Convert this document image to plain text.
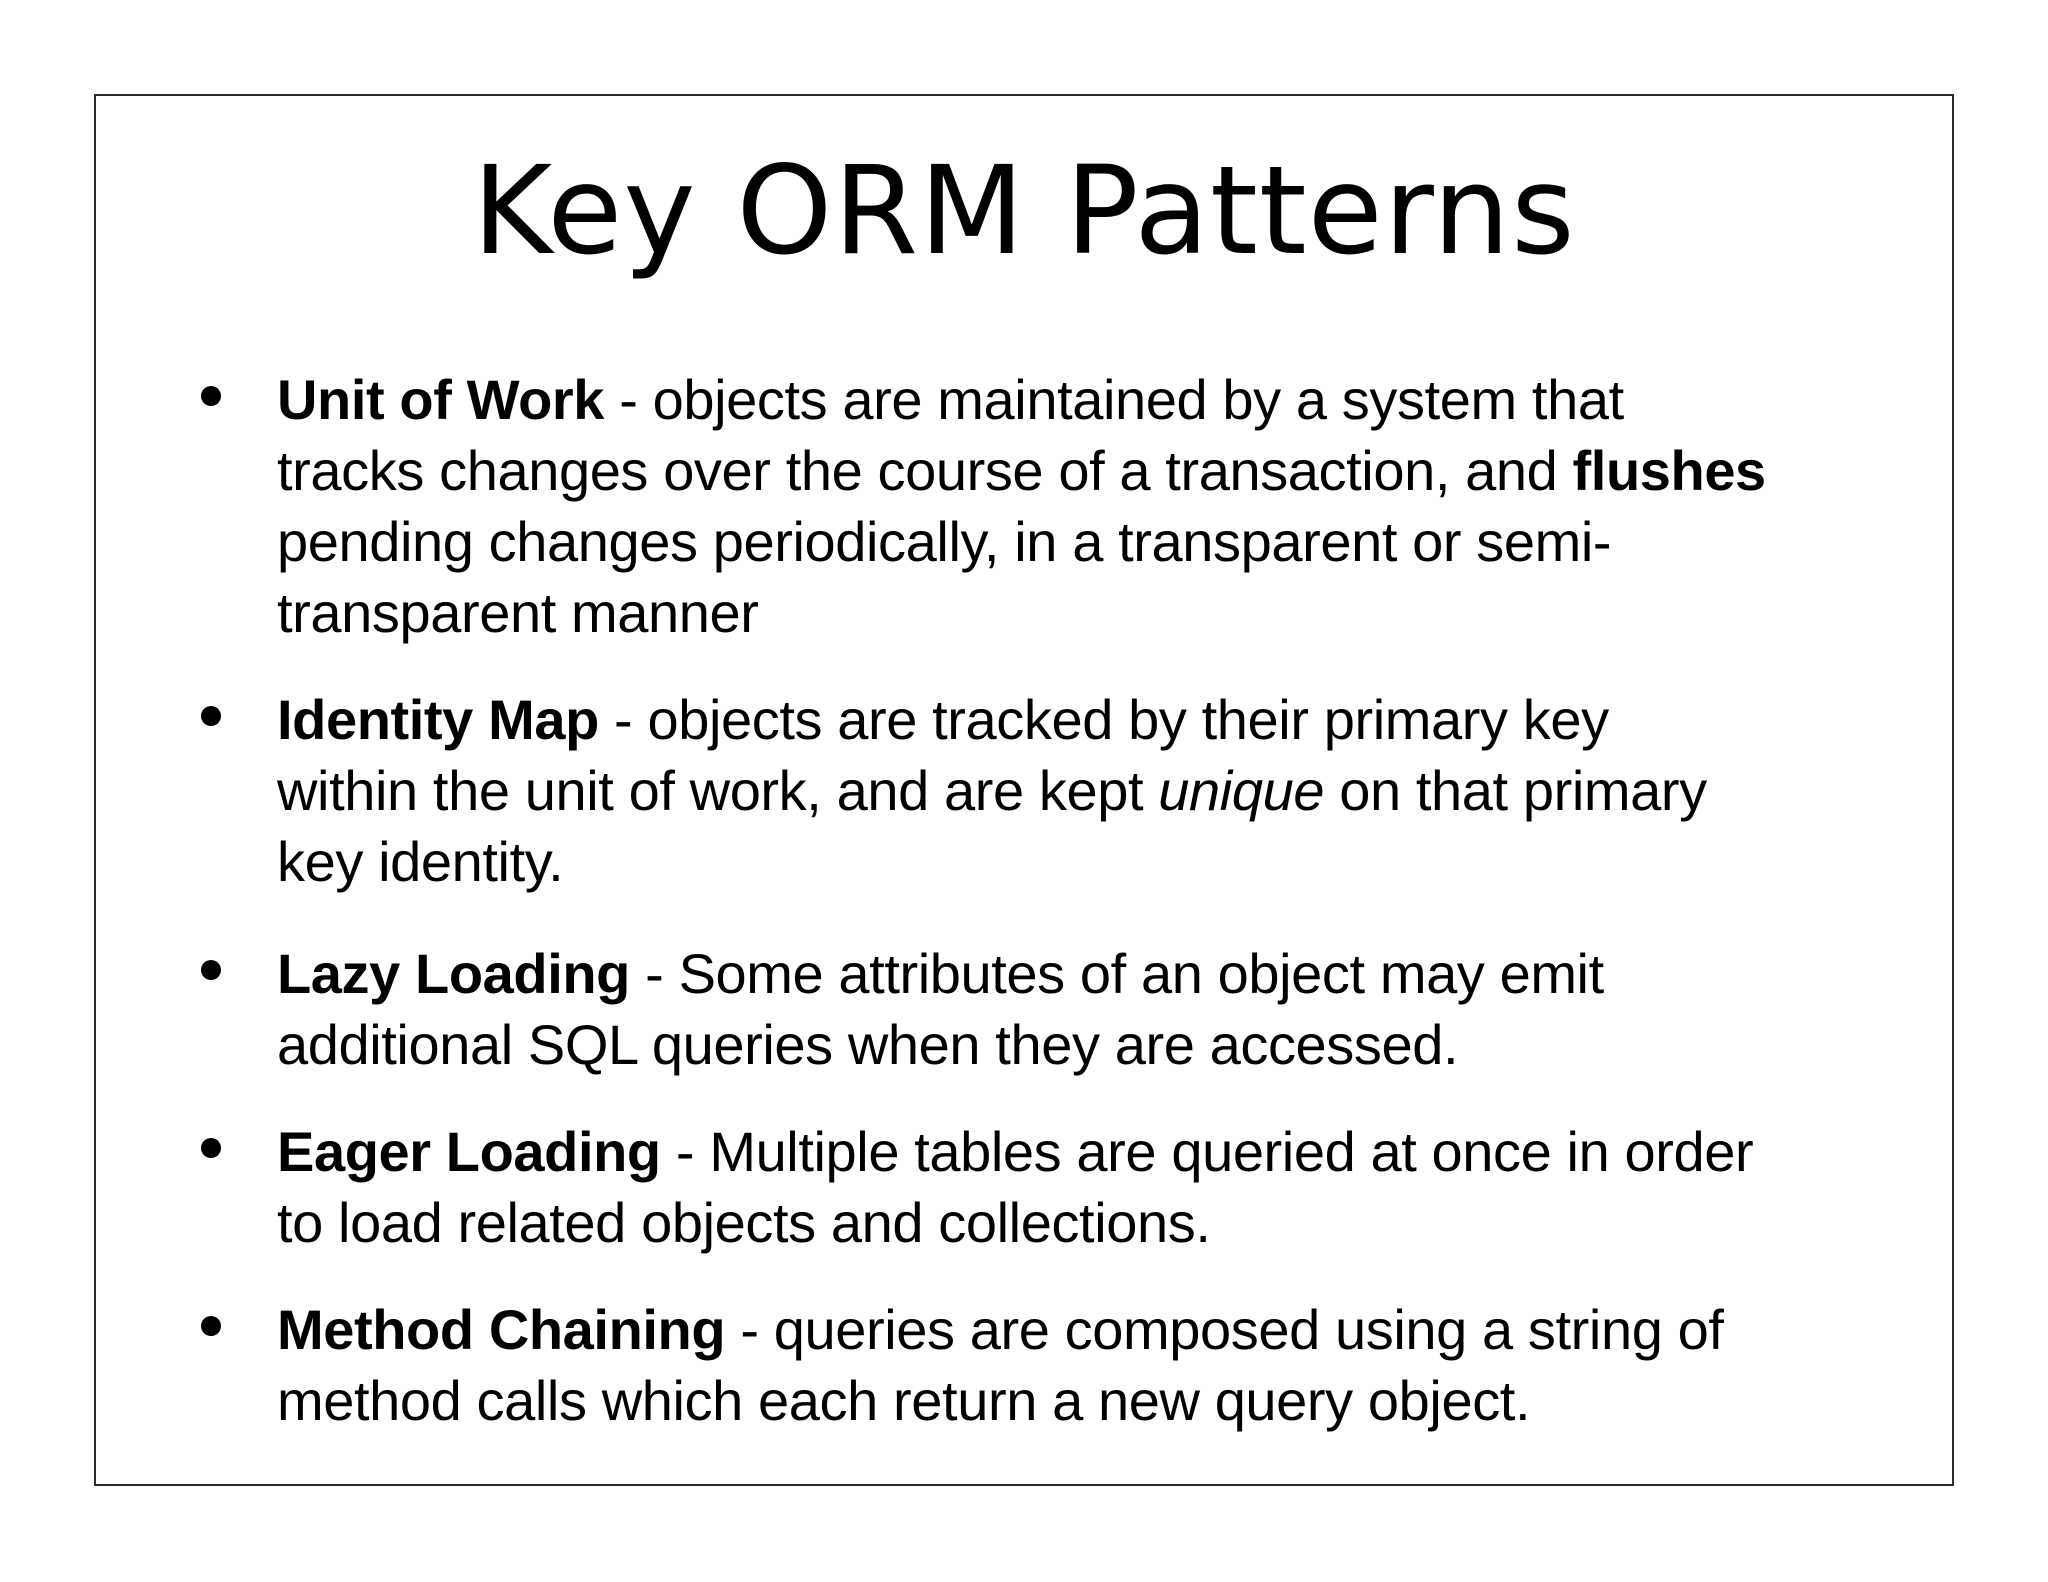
Key ORM Patterns
Unit of Work - objects are maintained by a system that
tracks changes over the course of a transaction, and flushes
pending changes periodically, in a transparent or semi-
transparent manner
Identity Map - objects are tracked by their primary key
within the unit of work, and are kept unique on that primary
key identity.
Lazy Loading - Some attributes of an object may emit
additional SQL queries when they are accessed.
Eager Loading - Multiple tables are queried at once in order
to load related objects and collections.
Method Chaining - queries are composed using a string of
method calls which each return a new query object.
